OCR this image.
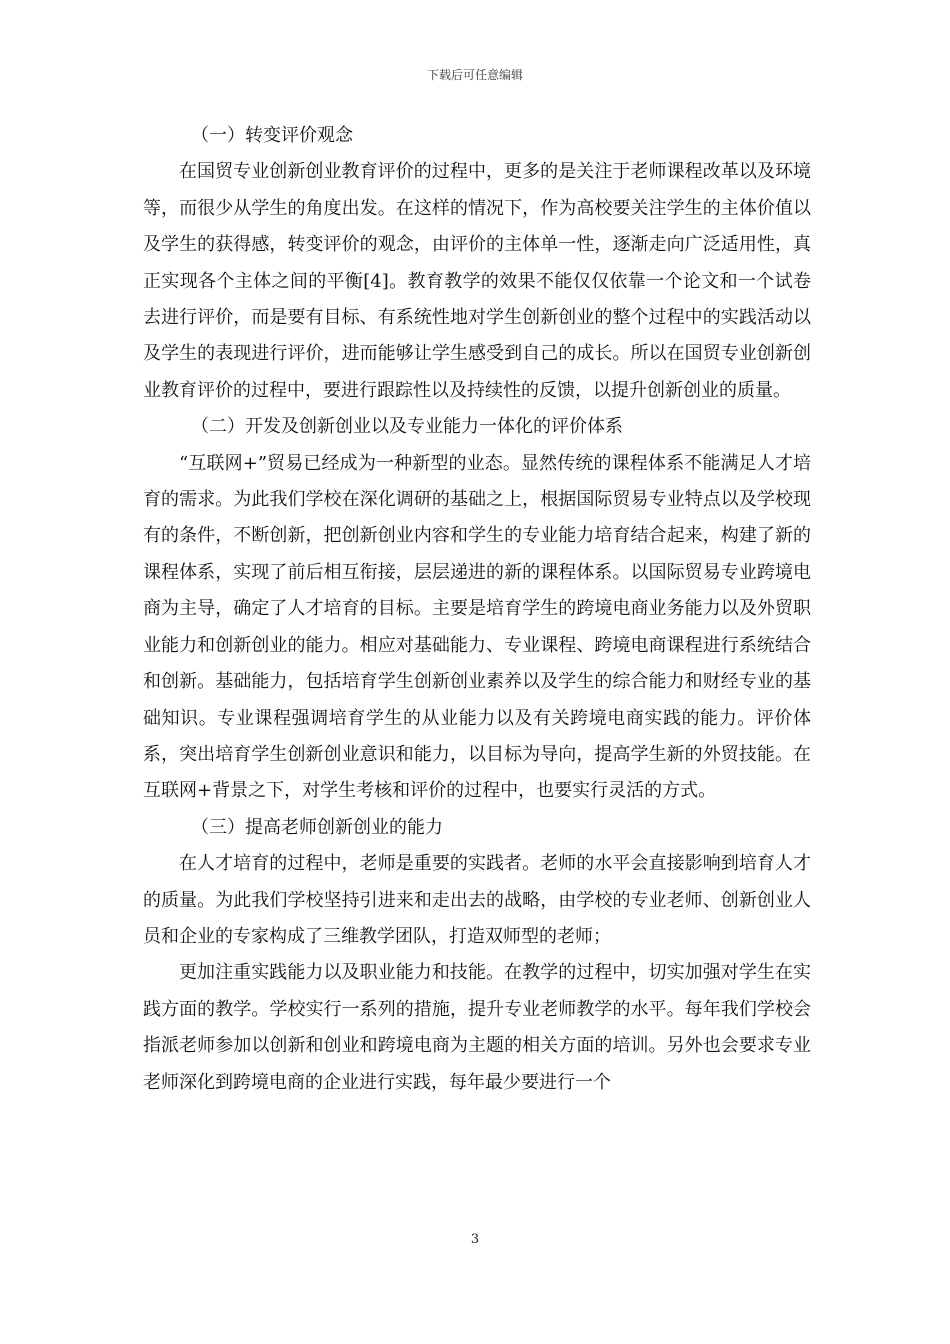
下载后可任意编辑

（一）转变评价观念

在国贸专业创新创业教育评价的过程中，更多的是关注于老师课程改革以及环境等，而很少从学生的角度出发。在这样的情况下，作为高校要关注学生的主体价值以及学生的获得感，转变评价的观念，由评价的主体单一性，逐渐走向广泛适用性，真正实现各个主体之间的平衡[4]。教育教学的效果不能仅仅依靠一个论文和一个试卷去进行评价，而是要有目标、有系统性地对学生创新创业的整个过程中的实践活动以及学生的表现进行评价，进而能够让学生感受到自己的成长。所以在国贸专业创新创业教育评价的过程中，要进行跟踪性以及持续性的反馈，以提升创新创业的质量。

（二）开发及创新创业以及专业能力一体化的评价体系

“互联网+”贸易已经成为一种新型的业态。显然传统的课程体系不能满足人才培育的需求。为此我们学校在深化调研的基础之上，根据国际贸易专业特点以及学校现有的条件，不断创新，把创新创业内容和学生的专业能力培育结合起来，构建了新的课程体系，实现了前后相互衔接，层层递进的新的课程体系。以国际贸易专业跨境电商为主导，确定了人才培育的目标。主要是培育学生的跨境电商业务能力以及外贸职业能力和创新创业的能力。相应对基础能力、专业课程、跨境电商课程进行系统结合和创新。基础能力，包括培育学生创新创业素养以及学生的综合能力和财经专业的基础知识。专业课程强调培育学生的从业能力以及有关跨境电商实践的能力。评价体系，突出培育学生创新创业意识和能力，以目标为导向，提高学生新的外贸技能。在互联网+背景之下，对学生考核和评价的过程中，也要实行灵活的方式。

（三）提高老师创新创业的能力

在人才培育的过程中，老师是重要的实践者。老师的水平会直接影响到培育人才的质量。为此我们学校坚持引进来和走出去的战略，由学校的专业老师、创新创业人员和企业的专家构成了三维教学团队，打造双师型的老师；

更加注重实践能力以及职业能力和技能。在教学的过程中，切实加强对学生在实践方面的教学。学校实行一系列的措施，提升专业老师教学的水平。每年我们学校会指派老师参加以创新和创业和跨境电商为主题的相关方面的培训。另外也会要求专业老师深化到跨境电商的企业进行实践，每年最少要进行一个

3
